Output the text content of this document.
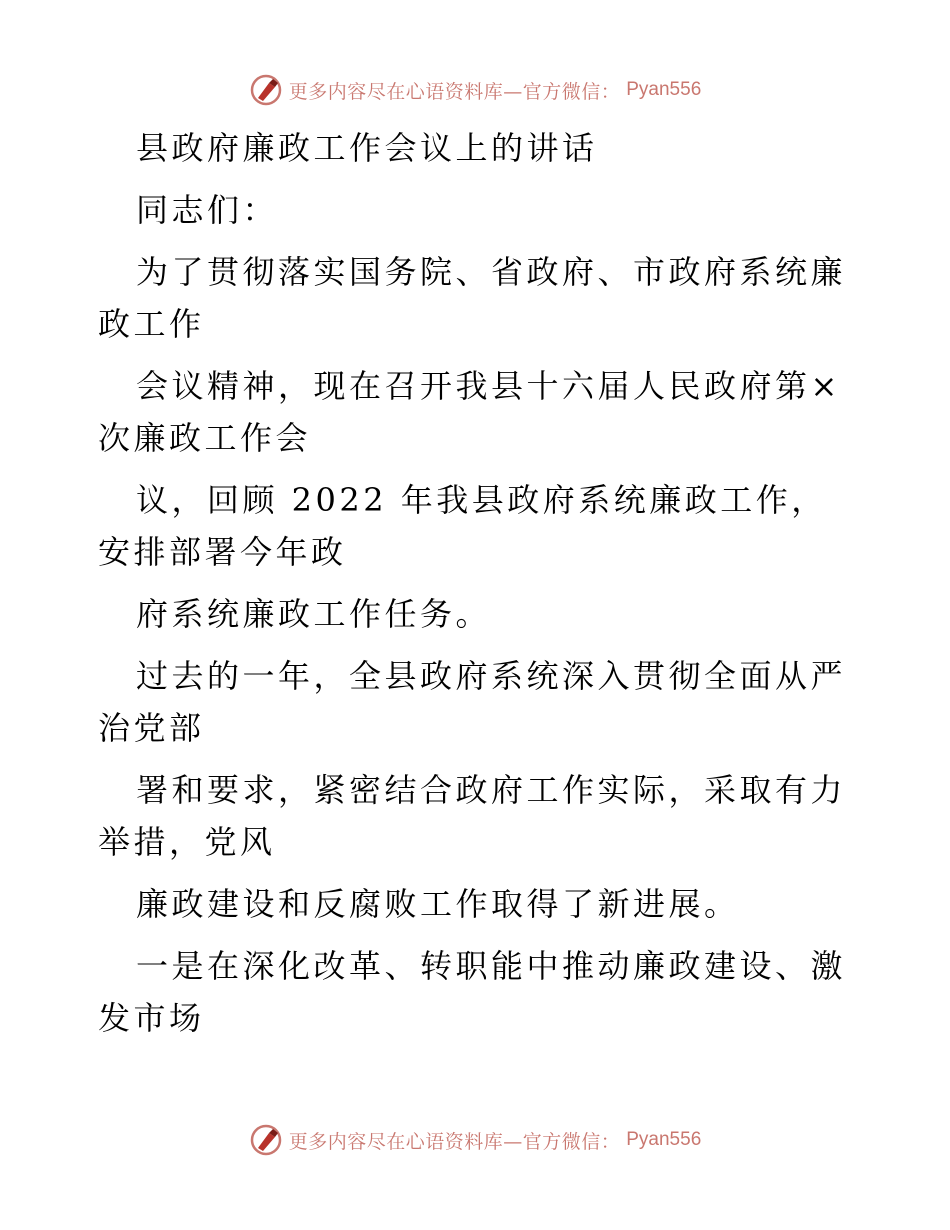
更多内容尽在心语资料库—官方微信： Pyan556

县政府廉政工作会议上的讲话

同志们：

为了贯彻落实国务院、省政府、市政府系统廉政工作

会议精神，现在召开我县十六届人民政府第×次廉政工作会

议，回顾 2022 年我县政府系统廉政工作，安排部署今年政

府系统廉政工作任务。

过去的一年，全县政府系统深入贯彻全面从严治党部

署和要求，紧密结合政府工作实际，采取有力举措，党风

廉政建设和反腐败工作取得了新进展。

一是在深化改革、转职能中推动廉政建设、激发市场

更多内容尽在心语资料库—官方微信： Pyan556
